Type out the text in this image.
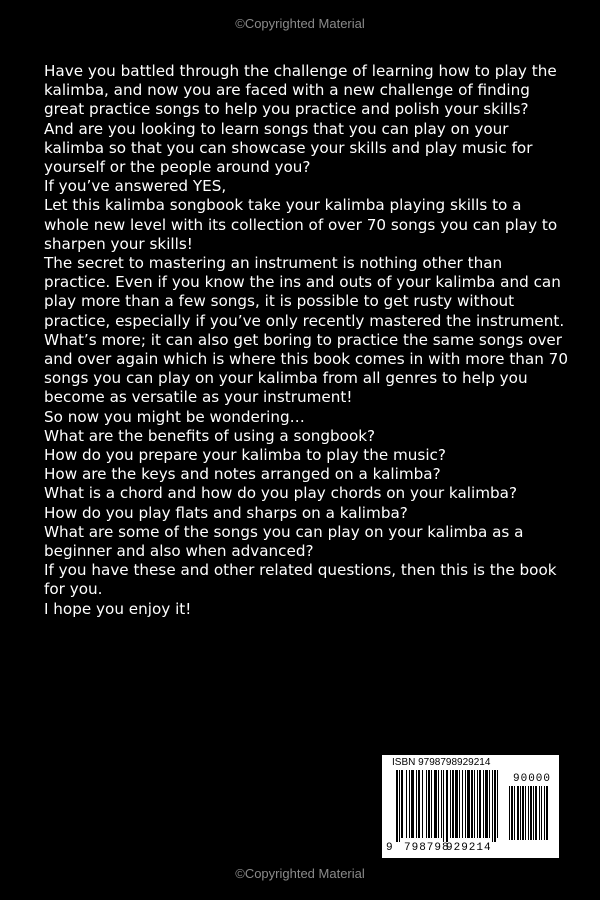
©Copyrighted Material

Have you battled through the challenge of learning how to play the

kalimba, and now you are faced with a new challenge of finding

great practice songs to help you practice and polish your skills?

And are you looking to learn songs that you can play on your

kalimba so that you can showcase your skills and play music for

yourself or the people around you?

If you’ve answered YES,

Let this kalimba songbook take your kalimba playing skills to a

whole new level with its collection of over 70 songs you can play to

sharpen your skills!

The secret to mastering an instrument is nothing other than

practice. Even if you know the ins and outs of your kalimba and can

play more than a few songs, it is possible to get rusty without

practice, especially if you’ve only recently mastered the instrument.

What’s more; it can also get boring to practice the same songs over

and over again which is where this book comes in with more than 70

songs you can play on your kalimba from all genres to help you

become as versatile as your instrument!

So now you might be wondering…

What are the benefits of using a songbook?

How do you prepare your kalimba to play the music?

How are the keys and notes arranged on a kalimba?

What is a chord and how do you play chords on your kalimba?

How do you play flats and sharps on a kalimba?

What are some of the songs you can play on your kalimba as a

beginner and also when advanced?

If you have these and other related questions, then this is the book

for you.

I hope you enjoy it!

ISBN 9798798929214
90000
9 798798
929214
©Copyrighted Material
